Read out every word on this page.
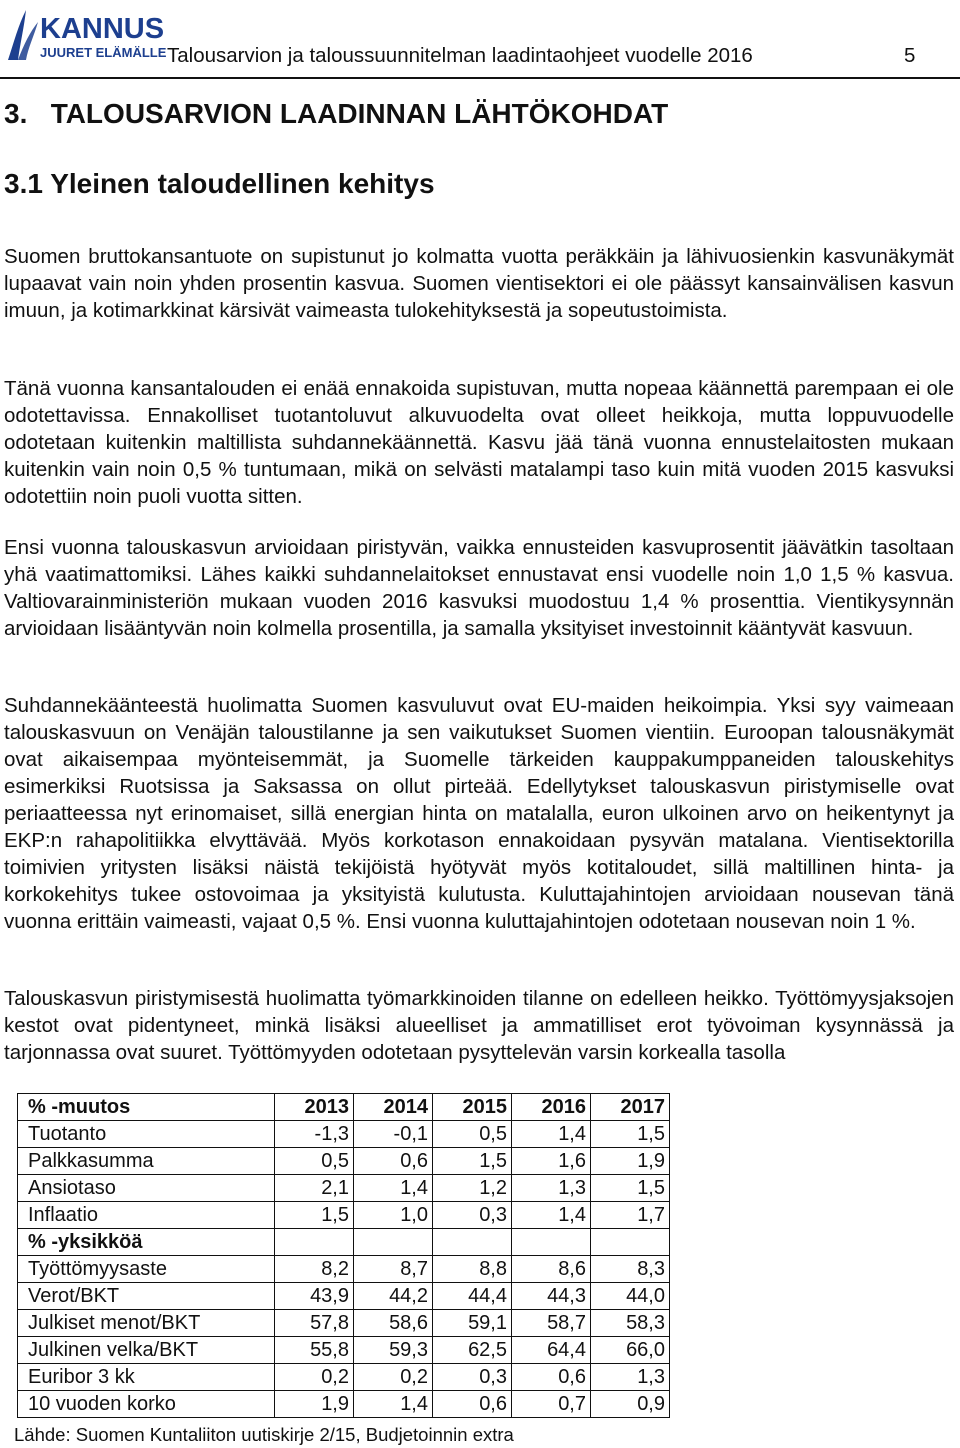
KANNUS
JUURET ELÄMÄLLE Talousarvion ja taloussuunnitelman laadintaohjeet vuodelle 2016	5
3.   TALOUSARVION LAADINNAN LÄHTÖKOHDAT
3.1 Yleinen taloudellinen kehitys

Suomen bruttokansantuote on supistunut jo kolmatta vuotta peräkkäin ja lähivuosienkin kasvunäkymät lupaavat vain noin yhden prosentin kasvua. Suomen vientisektori ei ole päässyt kansainvälisen kasvun imuun, ja kotimarkkinat kärsivät vaimeasta tulokehityksestä ja sopeutustoimista.

Tänä vuonna kansantalouden ei enää ennakoida supistuvan, mutta nopeaa käännettä parempaan ei ole odotettavissa. Ennakolliset tuotantoluvut alkuvuodelta ovat olleet heikkoja, mutta loppuvuodelle odotetaan kuitenkin maltillista suhdannekäännettä. Kasvu jää tänä vuonna ennustelaitosten mukaan kuitenkin vain noin 0,5 % tuntumaan, mikä on selvästi matalampi taso kuin mitä vuoden 2015 kasvuksi odotettiin noin puoli vuotta sitten.

Ensi vuonna talouskasvun arvioidaan piristyvän, vaikka ennusteiden kasvuprosentit jäävätkin tasoltaan yhä vaatimattomiksi. Lähes kaikki suhdannelaitokset ennustavat ensi vuodelle noin 1,0 1,5 % kasvua. Valtiovarainministeriön mukaan vuoden 2016 kasvuksi muodostuu 1,4 % prosenttia. Vientikysynnän arvioidaan lisääntyvän noin kolmella prosentilla, ja samalla yksityiset investoinnit kääntyvät kasvuun.

Suhdannekäänteestä huolimatta Suomen kasvuluvut ovat EU-maiden heikoimpia. Yksi syy vaimeaan talouskasvuun on Venäjän taloustilanne ja sen vaikutukset Suomen vientiin. Euroopan talousnäkymät ovat aikaisempaa myönteisemmät, ja Suomelle tärkeiden kauppakumppaneiden talouskehitys esimerkiksi Ruotsissa ja Saksassa on ollut pirteää. Edellytykset talouskasvun piristymiselle ovat periaatteessa nyt erinomaiset, sillä energian hinta on matalalla, euron ulkoinen arvo on heikentynyt ja EKP:n rahapolitiikka elvyttävää. Myös korkotason ennakoidaan pysyvän matalana. Vientisektorilla toimivien yritysten lisäksi näistä tekijöistä hyötyvät myös kotitaloudet, sillä maltillinen hinta- ja korkokehitys tukee ostovoimaa ja yksityistä kulutusta. Kuluttajahintojen arvioidaan nousevan tänä vuonna erittäin vaimeasti, vajaat 0,5 %. Ensi vuonna kuluttajahintojen odotetaan nousevan noin 1 %.

Talouskasvun piristymisestä huolimatta työmarkkinoiden tilanne on edelleen heikko. Työttömyysjaksojen kestot ovat pidentyneet, minkä lisäksi alueelliset ja ammatilliset erot työvoiman kysynnässä ja tarjonnassa ovat suuret. Työttömyyden odotetaan pysyttelevän varsin korkealla tasolla

% -muutos	2013	2014	2015	2016	2017
Tuotanto	-1,3	-0,1	0,5	1,4	1,5
Palkkasumma	0,5	0,6	1,5	1,6	1,9
Ansiotaso	2,1	1,4	1,2	1,3	1,5
Inflaatio	1,5	1,0	0,3	1,4	1,7
% -yksikköä					
Työttömyysaste	8,2	8,7	8,8	8,6	8,3
Verot/BKT	43,9	44,2	44,4	44,3	44,0
Julkiset menot/BKT	57,8	58,6	59,1	58,7	58,3
Julkinen velka/BKT	55,8	59,3	62,5	64,4	66,0
Euribor 3 kk	0,2	0,2	0,3	0,6	1,3
10 vuoden korko	1,9	1,4	0,6	0,7	0,9
Lähde: Suomen Kuntaliiton uutiskirje 2/15, Budjetoinnin extra
